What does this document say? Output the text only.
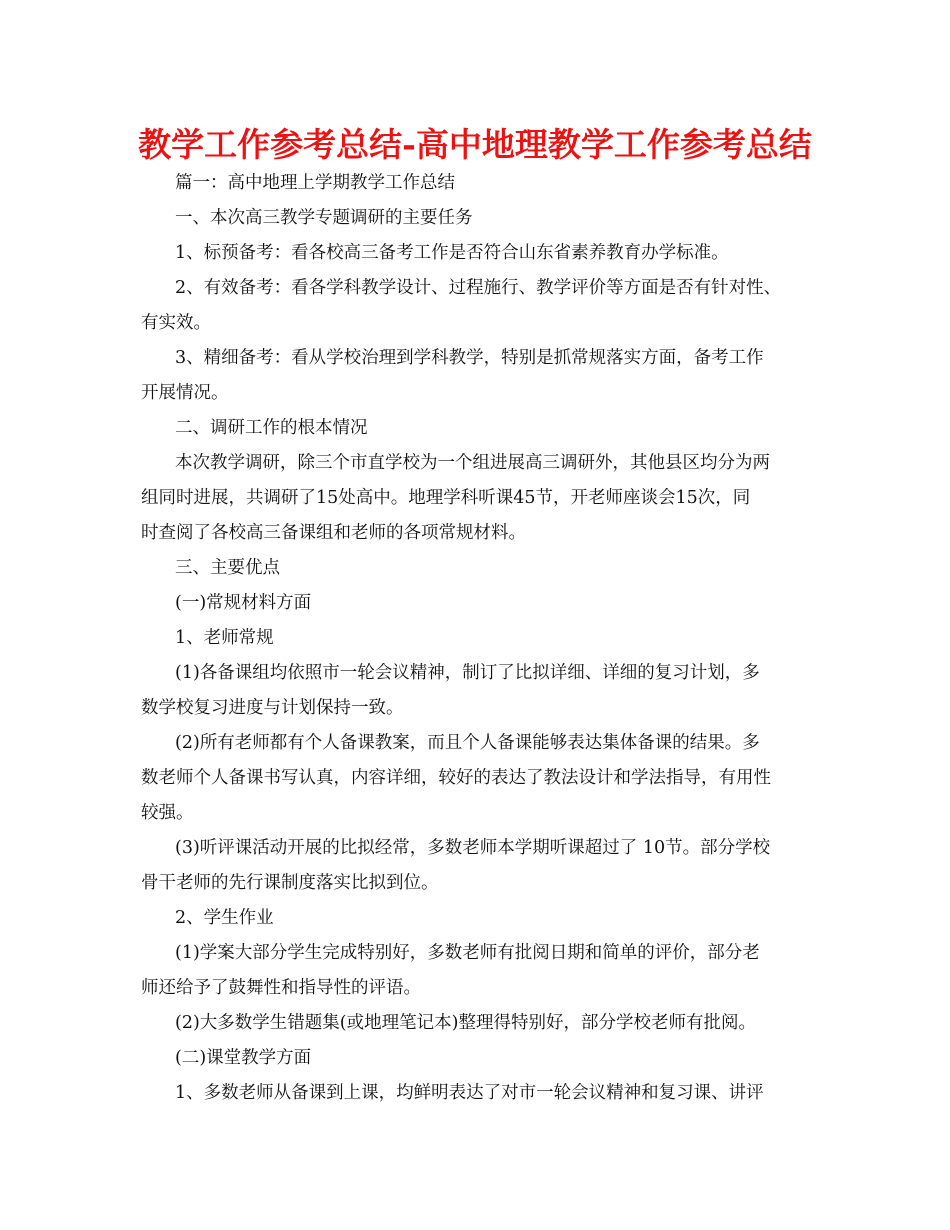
教学工作参考总结-高中地理教学工作参考总结

篇一：高中地理上学期教学工作总结

一、本次高三教学专题调研的主要任务

1、标预备考：看各校高三备考工作是否符合山东省素养教育办学标准。

2、有效备考：看各学科教学设计、过程施行、教学评价等方面是否有针对性、

有实效。

3、精细备考：看从学校治理到学科教学，特别是抓常规落实方面，备考工作

开展情况。

二、调研工作的根本情况

本次教学调研，除三个市直学校为一个组进展高三调研外，其他县区均分为两

组同时进展，共调研了15处高中。地理学科听课45节，开老师座谈会15次，同

时查阅了各校高三备课组和老师的各项常规材料。

三、主要优点

(一)常规材料方面

1、老师常规

(1)各备课组均依照市一轮会议精神，制订了比拟详细、详细的复习计划，多

数学校复习进度与计划保持一致。

(2)所有老师都有个人备课教案，而且个人备课能够表达集体备课的结果。多

数老师个人备课书写认真，内容详细，较好的表达了教法设计和学法指导，有用性

较强。

(3)听评课活动开展的比拟经常，多数老师本学期听课超过了 10节。部分学校

骨干老师的先行课制度落实比拟到位。

2、学生作业

(1)学案大部分学生完成特别好，多数老师有批阅日期和简单的评价，部分老

师还给予了鼓舞性和指导性的评语。

(2)大多数学生错题集(或地理笔记本)整理得特别好，部分学校老师有批阅。

(二)课堂教学方面

1、多数老师从备课到上课，均鲜明表达了对市一轮会议精神和复习课、讲评
